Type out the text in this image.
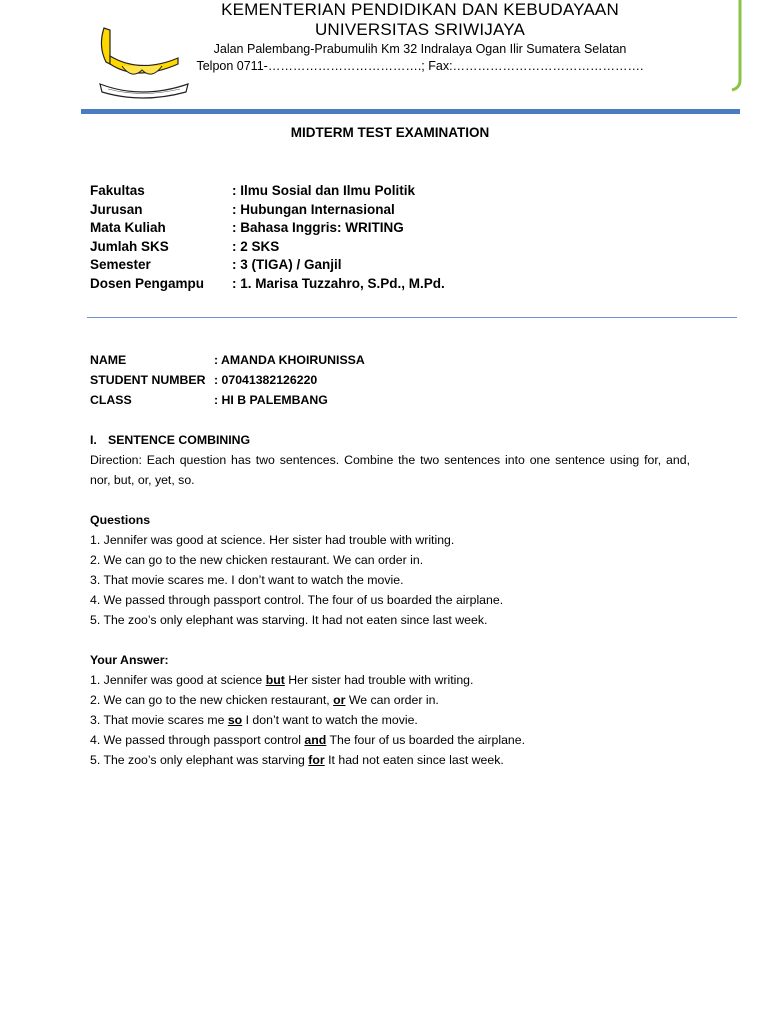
KEMENTERIAN PENDIDIKAN DAN KEBUDAYAAN
UNIVERSITAS SRIWIJAYA
Jalan Palembang-Prabumulih Km 32 Indralaya Ogan Ilir Sumatera Selatan
Telpon 0711-……………………………….; Fax:……………………………………….
MIDTERM TEST EXAMINATION
Fakultas	: Ilmu Sosial dan Ilmu Politik
Jurusan	: Hubungan Internasional
Mata Kuliah	: Bahasa Inggris: WRITING
Jumlah SKS	: 2 SKS
Semester	: 3 (TIGA) / Ganjil
Dosen Pengampu : 1. Marisa Tuzzahro, S.Pd., M.Pd.
NAME	: AMANDA KHOIRUNISSA
STUDENT NUMBER : 07041382126220
CLASS	: HI B PALEMBANG

I. SENTENCE COMBINING

Direction: Each question has two sentences. Combine the two sentences into one sentence using for, and, nor, but, or, yet, so.

Questions

1. Jennifer was good at science. Her sister had trouble with writing.

2. We can go to the new chicken restaurant. We can order in.

3. That movie scares me. I don’t want to watch the movie.

4. We passed through passport control. The four of us boarded the airplane.

5. The zoo’s only elephant was starving. It had not eaten since last week.

Your Answer:

1. Jennifer was good at science but Her sister had trouble with writing.

2. We can go to the new chicken restaurant, or We can order in.

3. That movie scares me so I don’t want to watch the movie.

4. We passed through passport control and The four of us boarded the airplane.

5. The zoo’s only elephant was starving for It had not eaten since last week.
